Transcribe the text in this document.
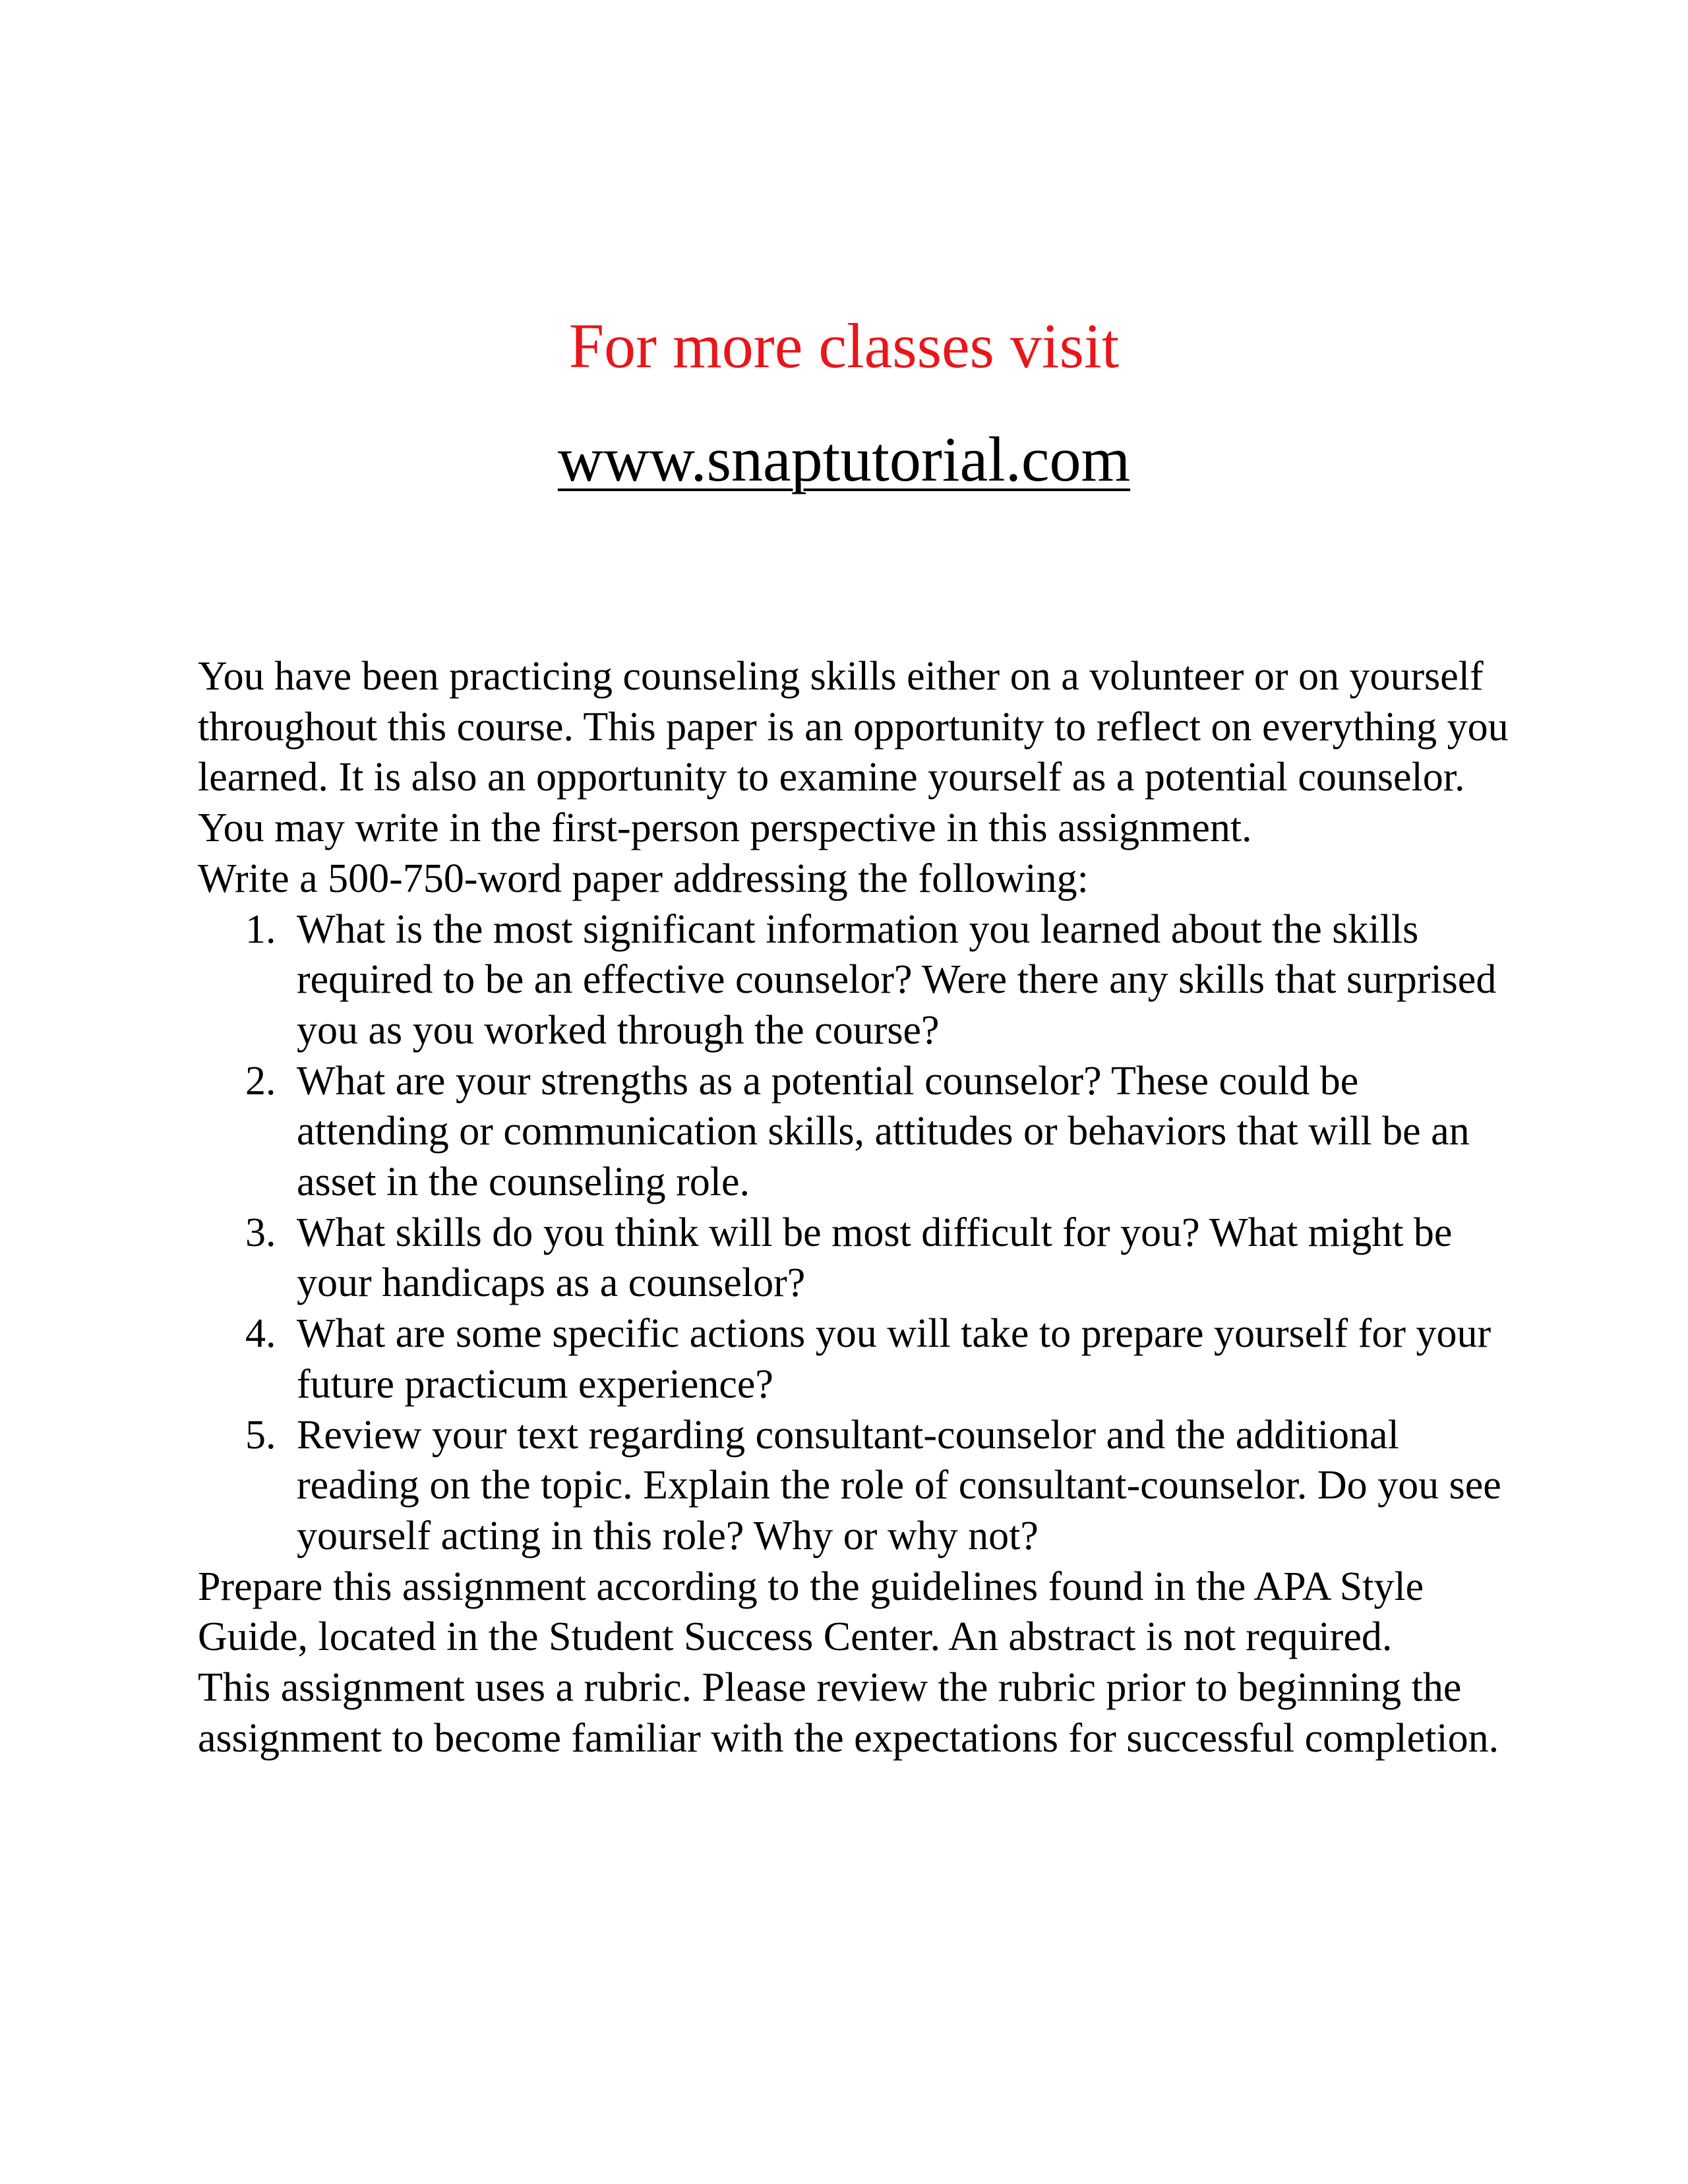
For more classes visit

www.snaptutorial.com

You have been practicing counseling skills either on a volunteer or on yourself throughout this course. This paper is an opportunity to reflect on everything you learned. It is also an opportunity to examine yourself as a potential counselor. You may write in the first-person perspective in this assignment.

Write a 500-750-word paper addressing the following:

1. What is the most significant information you learned about the skills required to be an effective counselor? Were there any skills that surprised you as you worked through the course?
2. What are your strengths as a potential counselor? These could be attending or communication skills, attitudes or behaviors that will be an asset in the counseling role.
3. What skills do you think will be most difficult for you? What might be your handicaps as a counselor?
4. What are some specific actions you will take to prepare yourself for your future practicum experience?
5. Review your text regarding consultant-counselor and the additional reading on the topic. Explain the role of consultant-counselor. Do you see yourself acting in this role? Why or why not?

Prepare this assignment according to the guidelines found in the APA Style Guide, located in the Student Success Center. An abstract is not required.

This assignment uses a rubric. Please review the rubric prior to beginning the assignment to become familiar with the expectations for successful completion.
